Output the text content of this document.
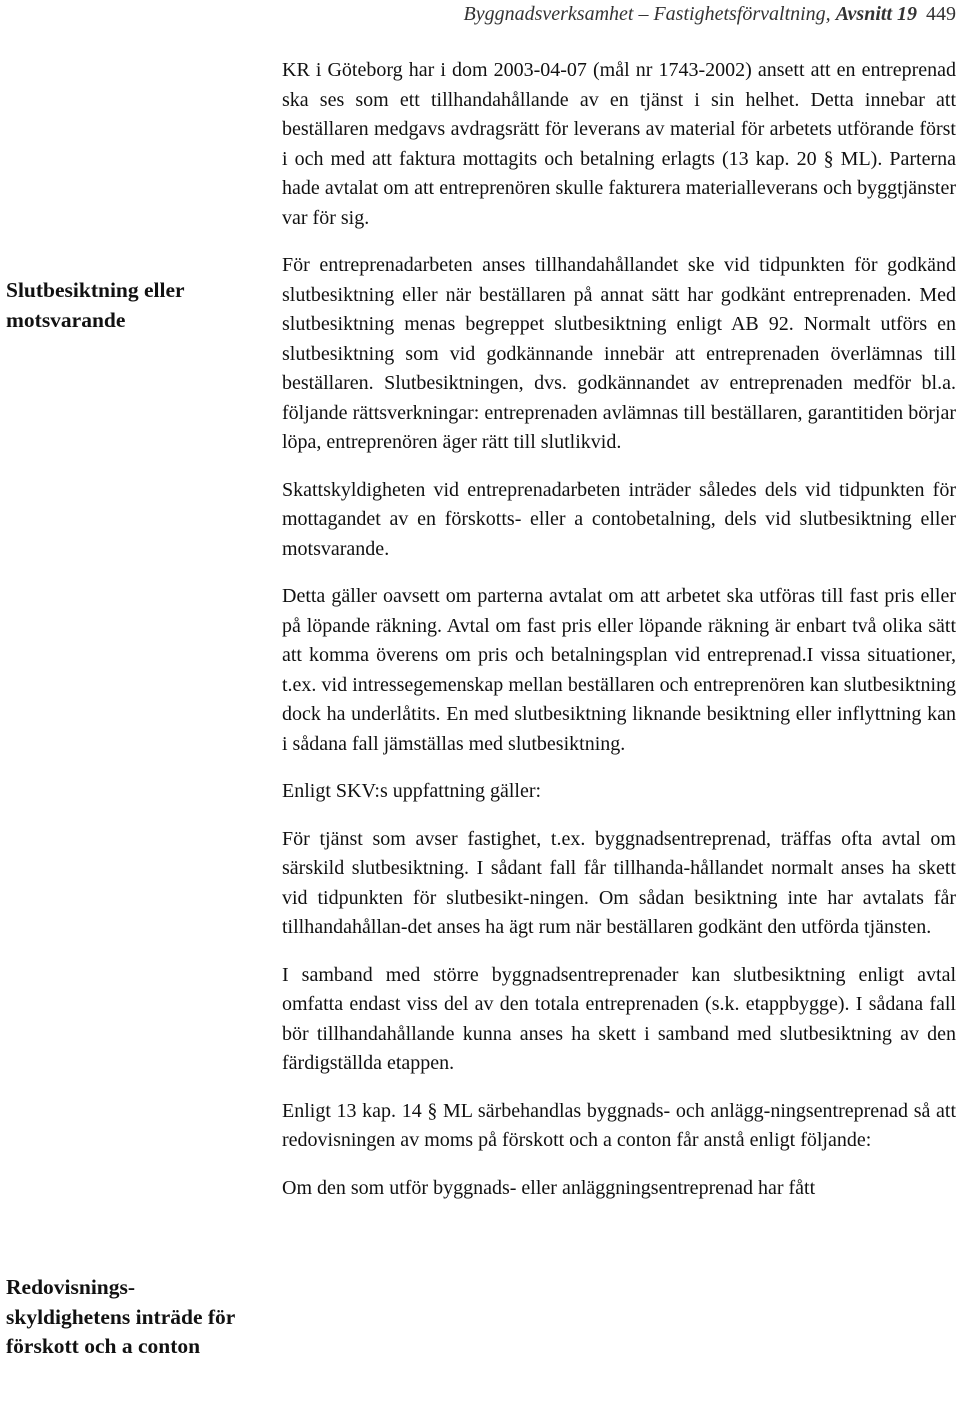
Byggnadsverksamhet – Fastighetsförvaltning, Avsnitt 19 449
Slutbesiktning eller motsvarande
Redovisnings-skyldighetens inträde för förskott och a conton

KR i Göteborg har i dom 2003-04-07 (mål nr 1743-2002) ansett att en entreprenad ska ses som ett tillhandahållande av en tjänst i sin helhet. Detta innebar att beställaren medgavs avdragsrätt för leverans av material för arbetets utförande först i och med att faktura mottagits och betalning erlagts (13 kap. 20 § ML). Parterna hade avtalat om att entreprenören skulle fakturera materialleverans och byggtjänster var för sig.

För entreprenadarbeten anses tillhandahållandet ske vid tidpunkten för godkänd slutbesiktning eller när beställaren på annat sätt har godkänt entreprenaden. Med slutbesiktning menas begreppet slutbesiktning enligt AB 92. Normalt utförs en slutbesiktning som vid godkännande innebär att entreprenaden överlämnas till beställaren. Slutbesiktningen, dvs. godkännandet av entreprenaden medför bl.a. följande rättsverkningar: entreprenaden avlämnas till beställaren, garantitiden börjar löpa, entreprenören äger rätt till slutlikvid.

Skattskyldigheten vid entreprenadarbeten inträder således dels vid tidpunkten för mottagandet av en förskotts- eller a contobetalning, dels vid slutbesiktning eller motsvarande.

Detta gäller oavsett om parterna avtalat om att arbetet ska utföras till fast pris eller på löpande räkning. Avtal om fast pris eller löpande räkning är enbart två olika sätt att komma överens om pris och betalningsplan vid entreprenad.I vissa situationer, t.ex. vid intressegemenskap mellan beställaren och entreprenören kan slutbesiktning dock ha underlåtits. En med slutbesiktning liknande besiktning eller inflyttning kan i sådana fall jämställas med slutbesiktning.

Enligt SKV:s uppfattning gäller:

För tjänst som avser fastighet, t.ex. byggnadsentreprenad, träffas ofta avtal om särskild slutbesiktning. I sådant fall får tillhanda-hållandet normalt anses ha skett vid tidpunkten för slutbesikt-ningen. Om sådan besiktning inte har avtalats får tillhandahållan-det anses ha ägt rum när beställaren godkänt den utförda tjänsten.

I samband med större byggnadsentreprenader kan slutbesiktning enligt avtal omfatta endast viss del av den totala entreprenaden (s.k. etappbygge). I sådana fall bör tillhandahållande kunna anses ha skett i samband med slutbesiktning av den färdigställda etappen.

Enligt 13 kap. 14 § ML särbehandlas byggnads- och anlägg-ningsentreprenad så att redovisningen av moms på förskott och a conton får anstå enligt följande:

Om den som utför byggnads- eller anläggningsentreprenad har fått
